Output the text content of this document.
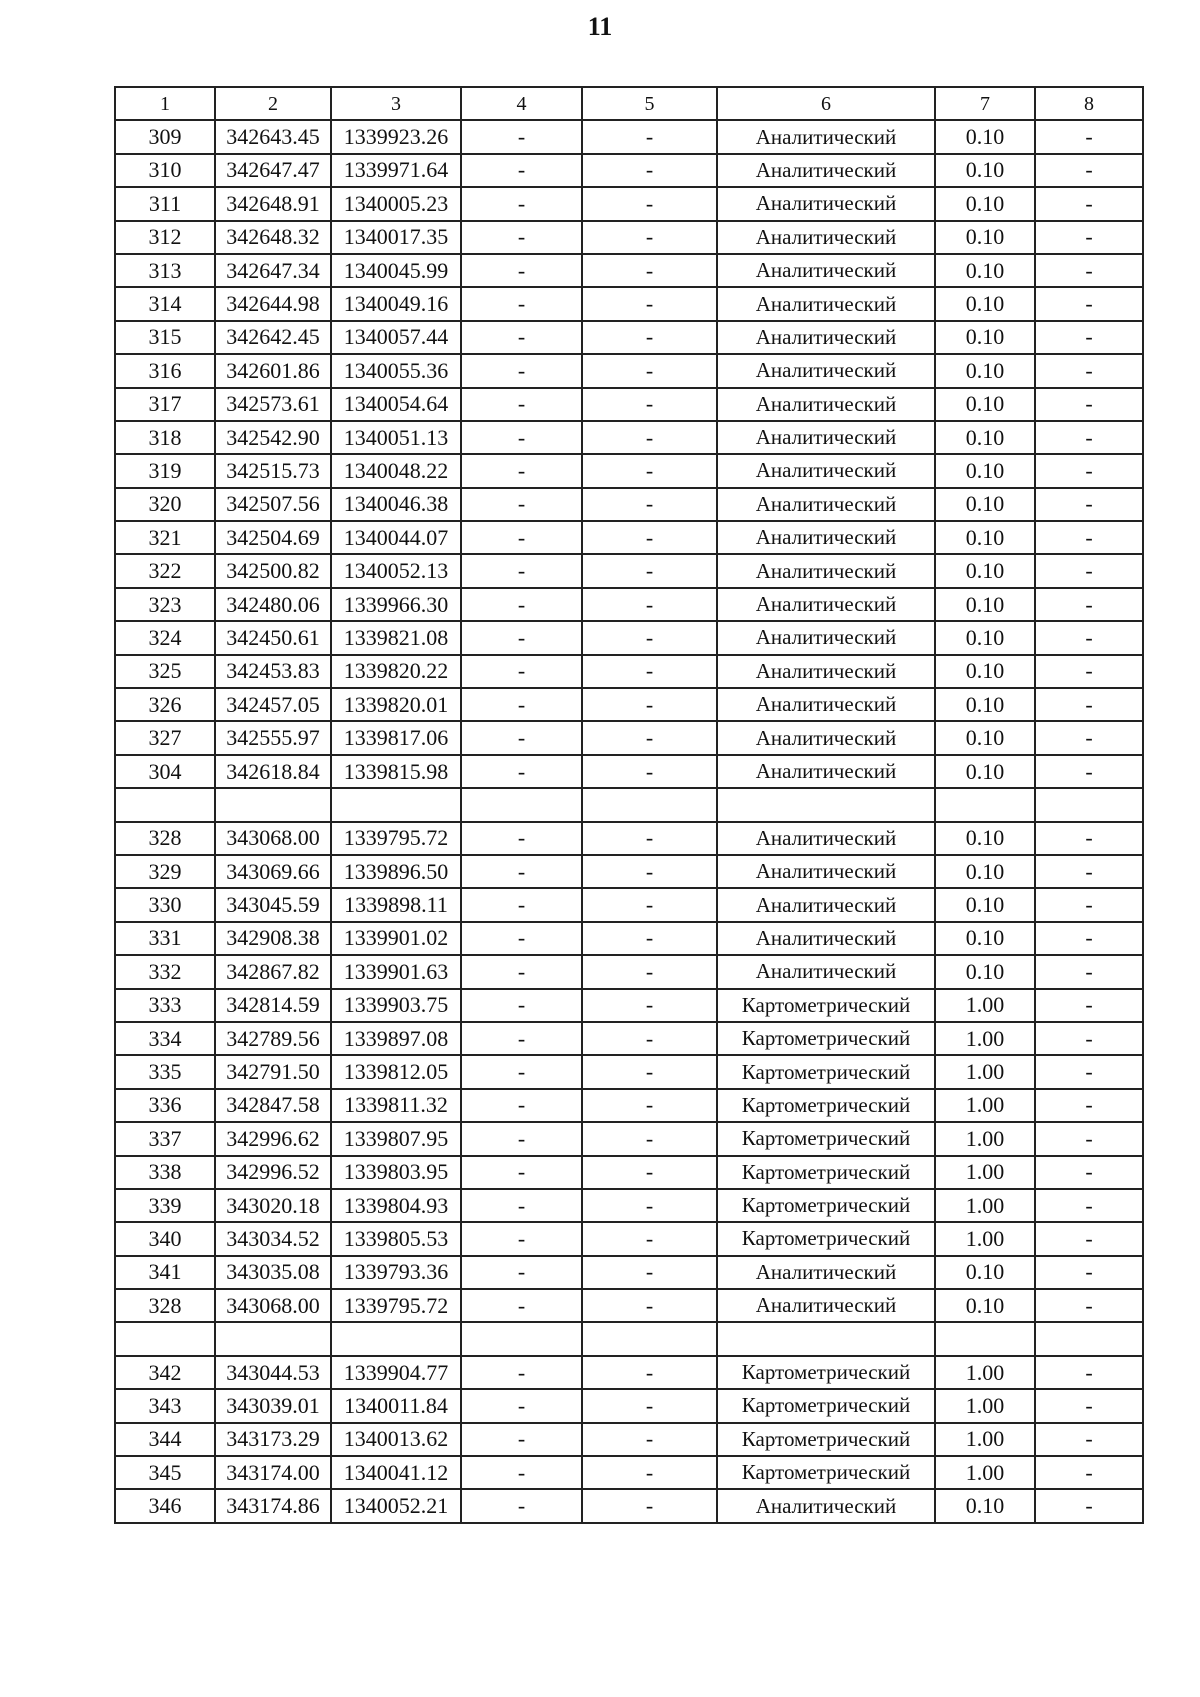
11
1	2	3	4	5	6	7	8
309	342643.45	1339923.26	-	-	Аналитический	0.10	-
310	342647.47	1339971.64	-	-	Аналитический	0.10	-
311	342648.91	1340005.23	-	-	Аналитический	0.10	-
312	342648.32	1340017.35	-	-	Аналитический	0.10	-
313	342647.34	1340045.99	-	-	Аналитический	0.10	-
314	342644.98	1340049.16	-	-	Аналитический	0.10	-
315	342642.45	1340057.44	-	-	Аналитический	0.10	-
316	342601.86	1340055.36	-	-	Аналитический	0.10	-
317	342573.61	1340054.64	-	-	Аналитический	0.10	-
318	342542.90	1340051.13	-	-	Аналитический	0.10	-
319	342515.73	1340048.22	-	-	Аналитический	0.10	-
320	342507.56	1340046.38	-	-	Аналитический	0.10	-
321	342504.69	1340044.07	-	-	Аналитический	0.10	-
322	342500.82	1340052.13	-	-	Аналитический	0.10	-
323	342480.06	1339966.30	-	-	Аналитический	0.10	-
324	342450.61	1339821.08	-	-	Аналитический	0.10	-
325	342453.83	1339820.22	-	-	Аналитический	0.10	-
326	342457.05	1339820.01	-	-	Аналитический	0.10	-
327	342555.97	1339817.06	-	-	Аналитический	0.10	-
304	342618.84	1339815.98	-	-	Аналитический	0.10	-

328	343068.00	1339795.72	-	-	Аналитический	0.10	-
329	343069.66	1339896.50	-	-	Аналитический	0.10	-
330	343045.59	1339898.11	-	-	Аналитический	0.10	-
331	342908.38	1339901.02	-	-	Аналитический	0.10	-
332	342867.82	1339901.63	-	-	Аналитический	0.10	-
333	342814.59	1339903.75	-	-	Картометрический	1.00	-
334	342789.56	1339897.08	-	-	Картометрический	1.00	-
335	342791.50	1339812.05	-	-	Картометрический	1.00	-
336	342847.58	1339811.32	-	-	Картометрический	1.00	-
337	342996.62	1339807.95	-	-	Картометрический	1.00	-
338	342996.52	1339803.95	-	-	Картометрический	1.00	-
339	343020.18	1339804.93	-	-	Картометрический	1.00	-
340	343034.52	1339805.53	-	-	Картометрический	1.00	-
341	343035.08	1339793.36	-	-	Аналитический	0.10	-
328	343068.00	1339795.72	-	-	Аналитический	0.10	-

342	343044.53	1339904.77	-	-	Картометрический	1.00	-
343	343039.01	1340011.84	-	-	Картометрический	1.00	-
344	343173.29	1340013.62	-	-	Картометрический	1.00	-
345	343174.00	1340041.12	-	-	Картометрический	1.00	-
346	343174.86	1340052.21	-	-	Аналитический	0.10	-
